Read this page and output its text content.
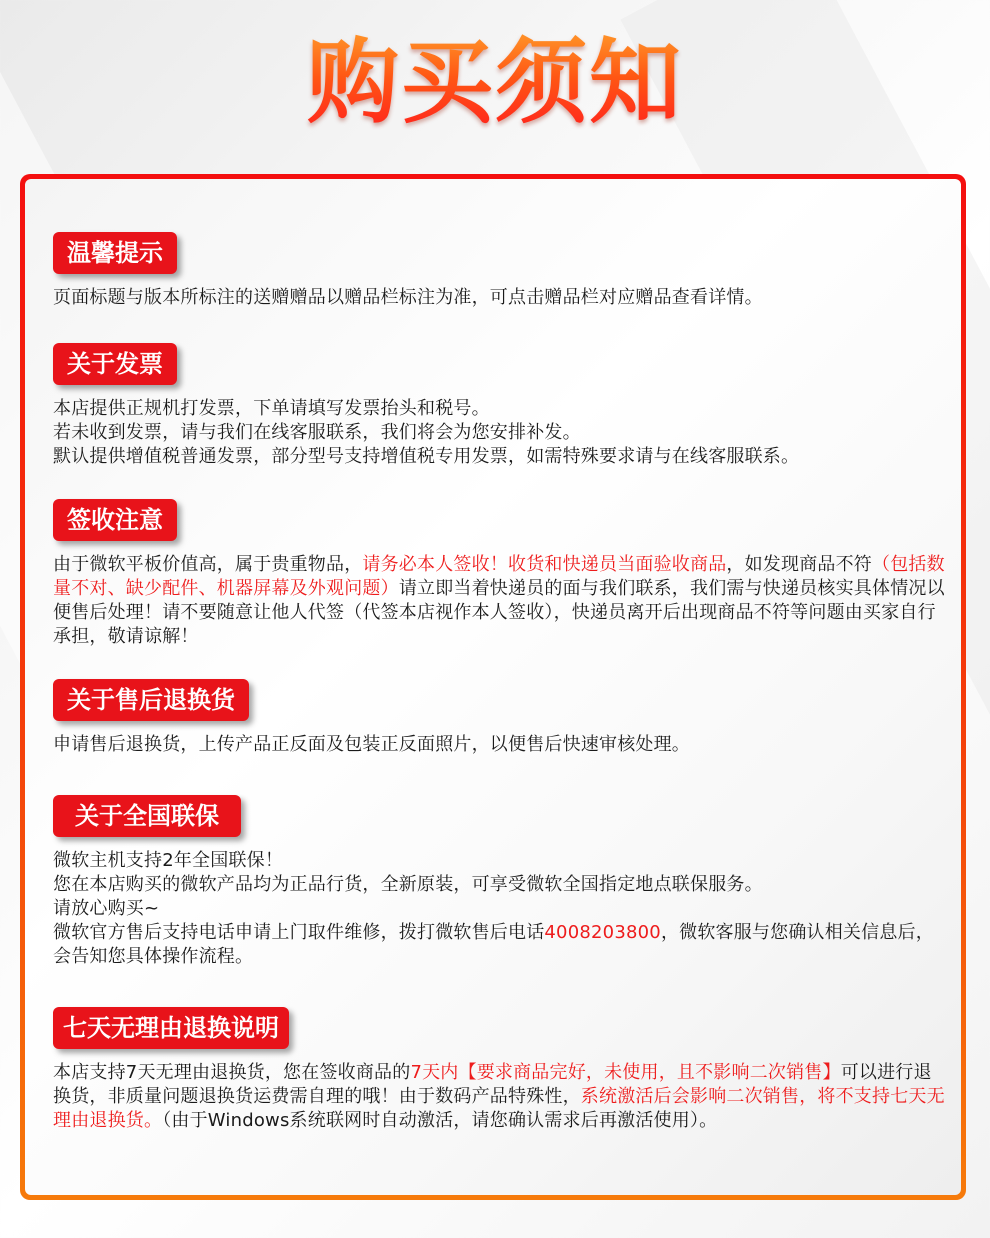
购买须知
温馨提示
页面标题与版本所标注的送赠赠品以赠品栏标注为准，可点击赠品栏对应赠品查看详情。
关于发票
本店提供正规机打发票，下单请填写发票抬头和税号。
若未收到发票，请与我们在线客服联系，我们将会为您安排补发。
默认提供增值税普通发票，部分型号支持增值税专用发票，如需特殊要求请与在线客服联系。
签收注意
由于微软平板价值高，属于贵重物品，请务必本人签收！收货和快递员当面验收商品，如发现商品不符（包括数量不对、缺少配件、机器屏幕及外观问题）请立即当着快递员的面与我们联系，我们需与快递员核实具体情况以便售后处理！请不要随意让他人代签（代签本店视作本人签收），快递员离开后出现商品不符等问题由买家自行承担，敬请谅解！
关于售后退换货
申请售后退换货，上传产品正反面及包装正反面照片，以便售后快速审核处理。
关于全国联保
微软主机支持2年全国联保！
您在本店购买的微软产品均为正品行货，全新原装，可享受微软全国指定地点联保服务。
请放心购买~
微软官方售后支持电话申请上门取件维修，拨打微软售后电话4008203800，微软客服与您确认相关信息后，会告知您具体操作流程。
七天无理由退换说明
本店支持7天无理由退换货，您在签收商品的7天内【要求商品完好，未使用，且不影响二次销售】可以进行退换货，非质量问题退换货运费需自理的哦！由于数码产品特殊性，系统激活后会影响二次销售，将不支持七天无理由退换货。（由于Windows系统联网时自动激活，请您确认需求后再激活使用）。
